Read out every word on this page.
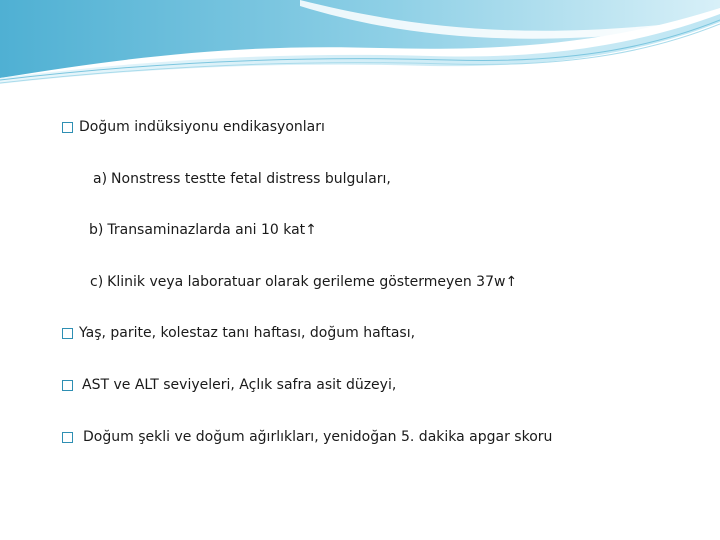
Doğum indüksiyonu endikasyonları
a) Nonstress testte fetal distress bulguları,
b) Transaminazlarda ani 10 kat↑
c) Klinik veya laboratuar olarak gerileme göstermeyen 37w↑
Yaş, parite, kolestaz tanı haftası, doğum haftası,
AST ve ALT seviyeleri, Açlık safra asit düzeyi,
Doğum şekli ve doğum ağırlıkları, yenidoğan 5. dakika apgar skoru
